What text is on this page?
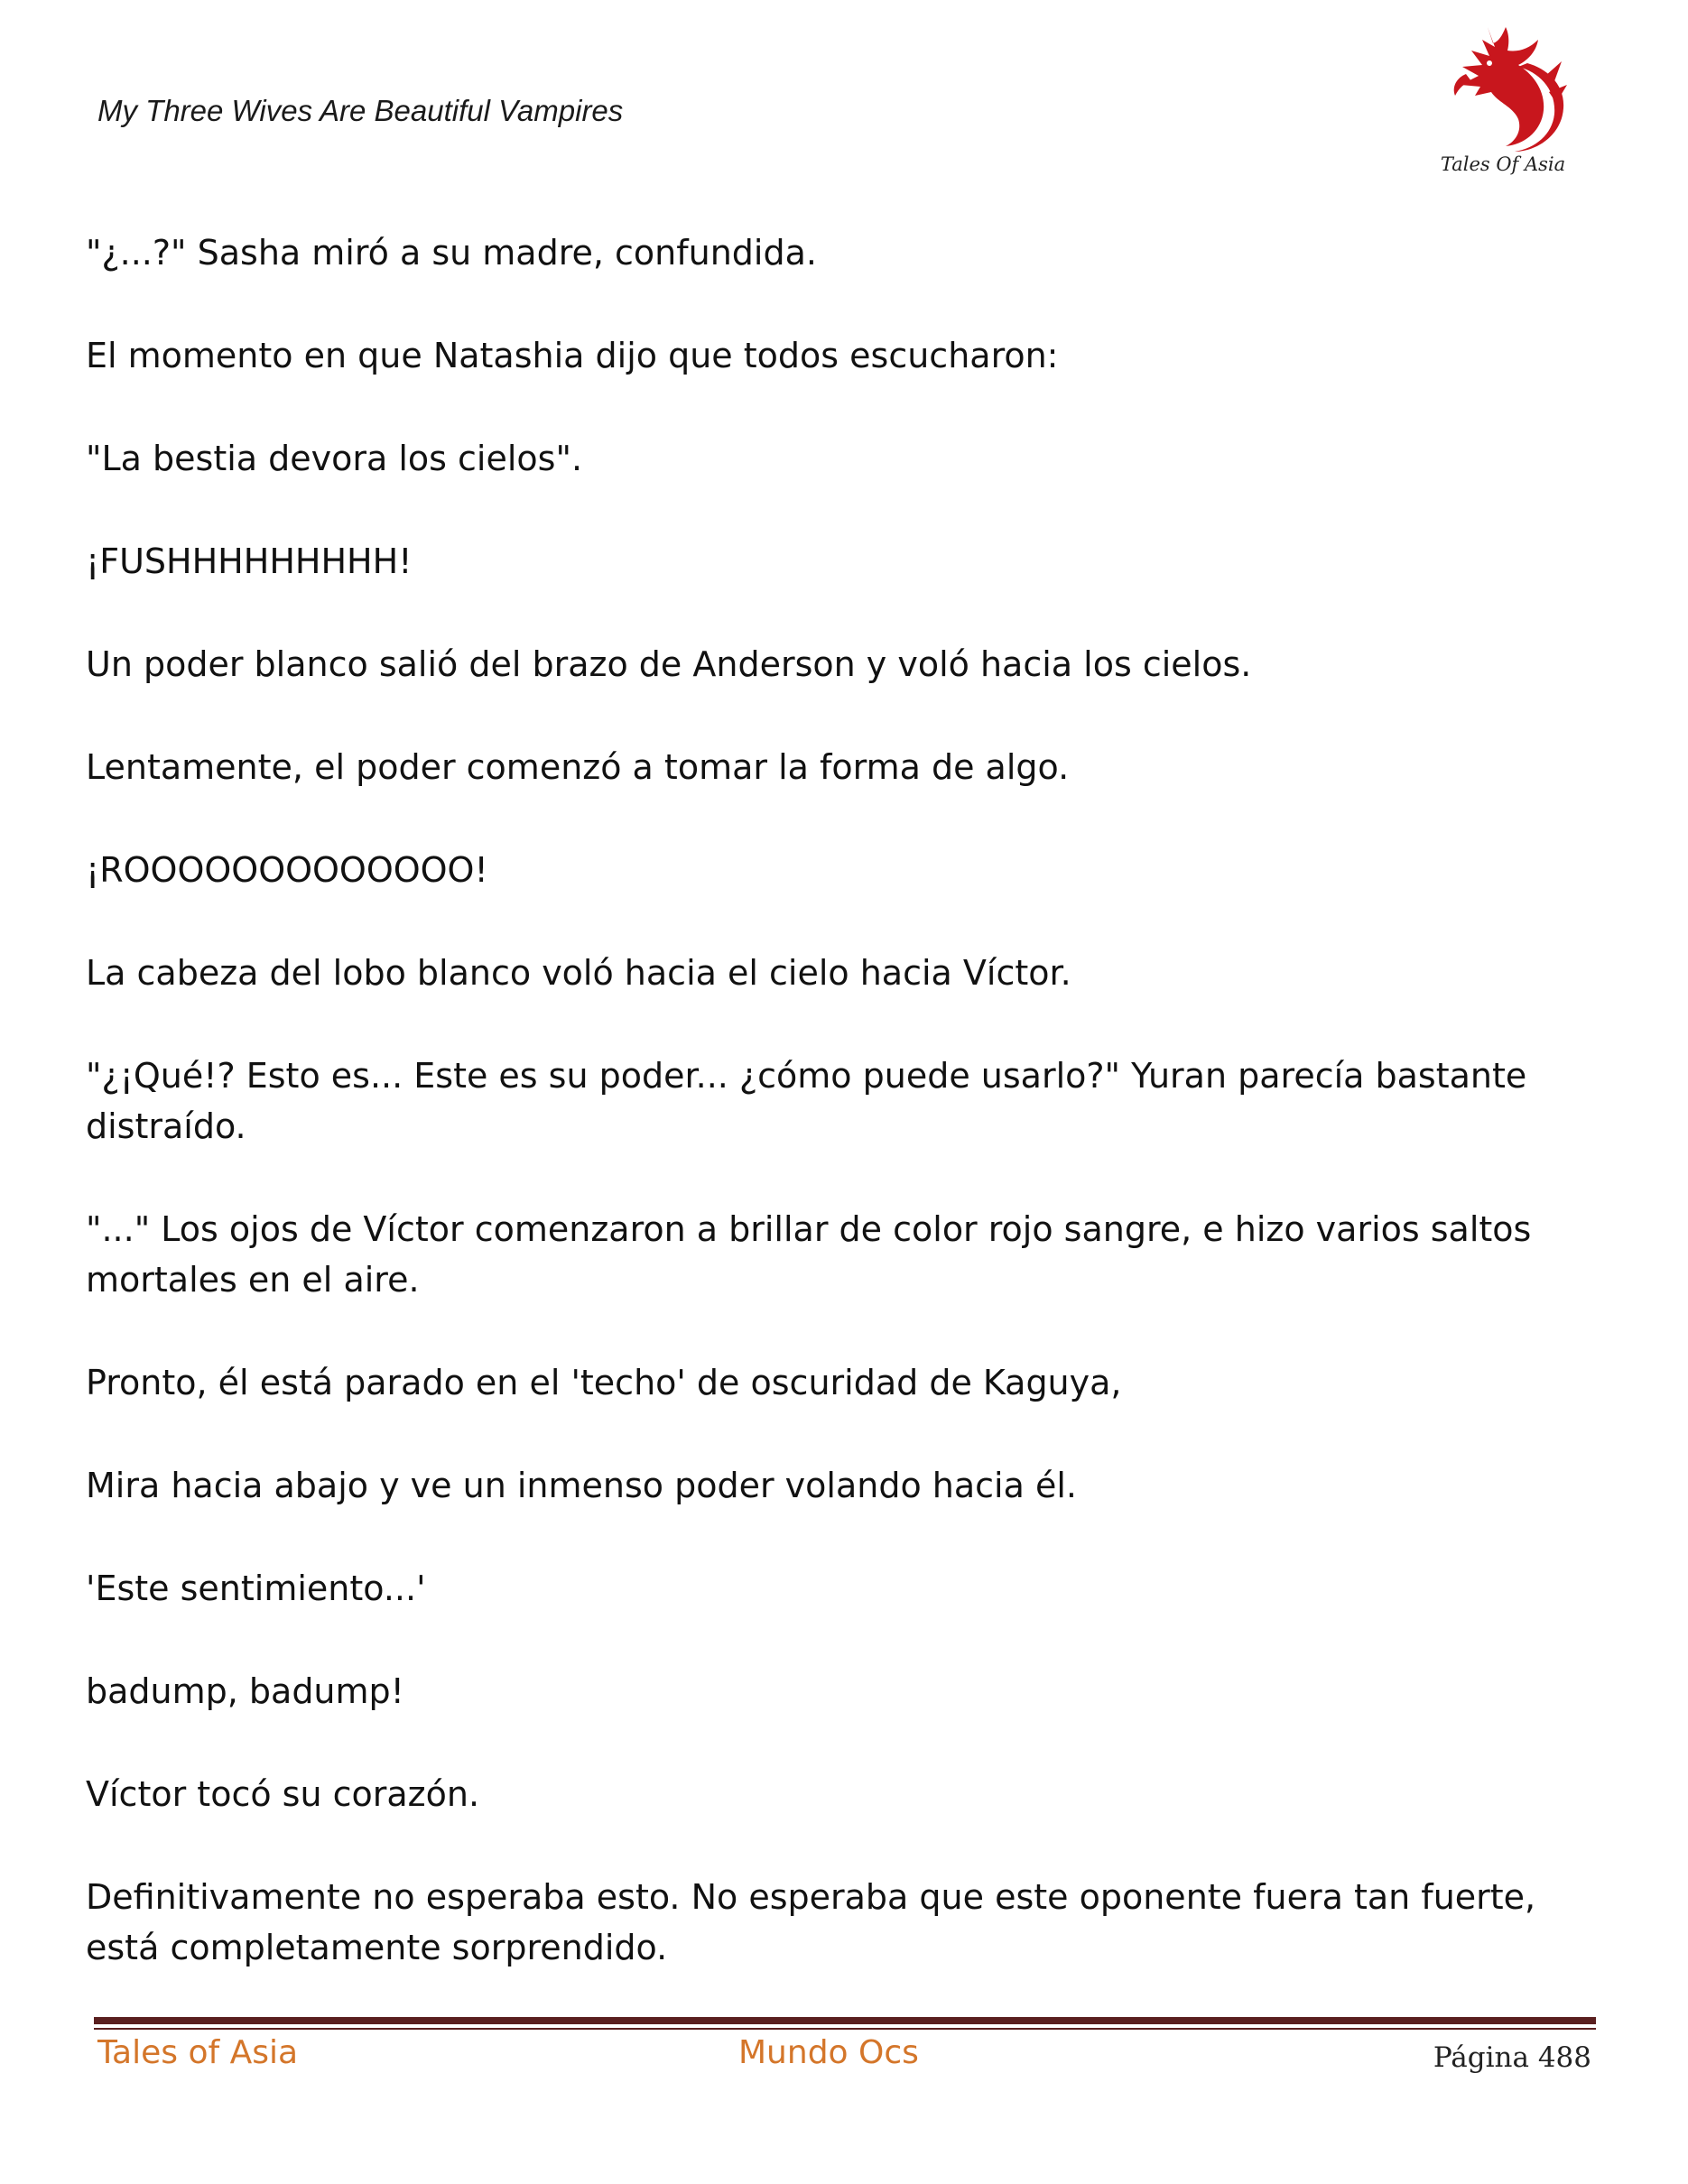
My Three Wives Are Beautiful Vampires
Tales Of Asia

"¿...?" Sasha miró a su madre, confundida.

El momento en que Natashia dijo que todos escucharon:

"La bestia devora los cielos".

¡FUSHHHHHHHHH!

Un poder blanco salió del brazo de Anderson y voló hacia los cielos.

Lentamente, el poder comenzó a tomar la forma de algo.

¡ROOOOOOOOOOOOO!

La cabeza del lobo blanco voló hacia el cielo hacia Víctor.

"¿¡Qué!? Esto es... Este es su poder... ¿cómo puede usarlo?" Yuran parecía bastante distraído.

"..." Los ojos de Víctor comenzaron a brillar de color rojo sangre, e hizo varios saltos mortales en el aire.

Pronto, él está parado en el 'techo' de oscuridad de Kaguya,

Mira hacia abajo y ve un inmenso poder volando hacia él.

'Este sentimiento...'

badump, badump!

Víctor tocó su corazón.

Definitivamente no esperaba esto. No esperaba que este oponente fuera tan fuerte, está completamente sorprendido.

Tales of Asia	Mundo Ocs	Página 488
